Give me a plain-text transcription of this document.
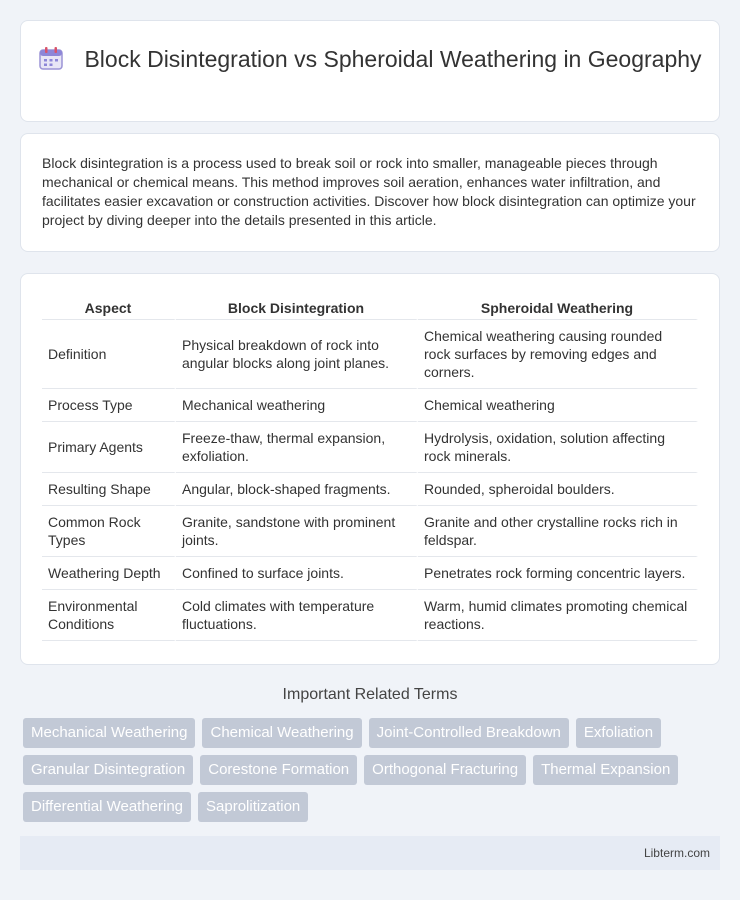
Block Disintegration vs Spheroidal Weathering in Geography

Block disintegration is a process used to break soil or rock into smaller, manageable pieces through mechanical or chemical means. This method improves soil aeration, enhances water infiltration, and facilitates easier excavation or construction activities. Discover how block disintegration can optimize your project by diving deeper into the details presented in this article.

Aspect	Block Disintegration	Spheroidal Weathering
Definition	Physical breakdown of rock into angular blocks along joint planes.	Chemical weathering causing rounded rock surfaces by removing edges and corners.
Process Type	Mechanical weathering	Chemical weathering
Primary Agents	Freeze-thaw, thermal expansion, exfoliation.	Hydrolysis, oxidation, solution affecting rock minerals.
Resulting Shape	Angular, block-shaped fragments.	Rounded, spheroidal boulders.
Common Rock Types	Granite, sandstone with prominent joints.	Granite and other crystalline rocks rich in feldspar.
Weathering Depth	Confined to surface joints.	Penetrates rock forming concentric layers.
Environmental Conditions	Cold climates with temperature fluctuations.	Warm, humid climates promoting chemical reactions.
Important Related Terms
Mechanical Weathering	Chemical Weathering	Joint-Controlled Breakdown	Exfoliation
Granular Disintegration	Corestone Formation	Orthogonal Fracturing	Thermal Expansion
Differential Weathering	Saprolitization
Libterm.com
